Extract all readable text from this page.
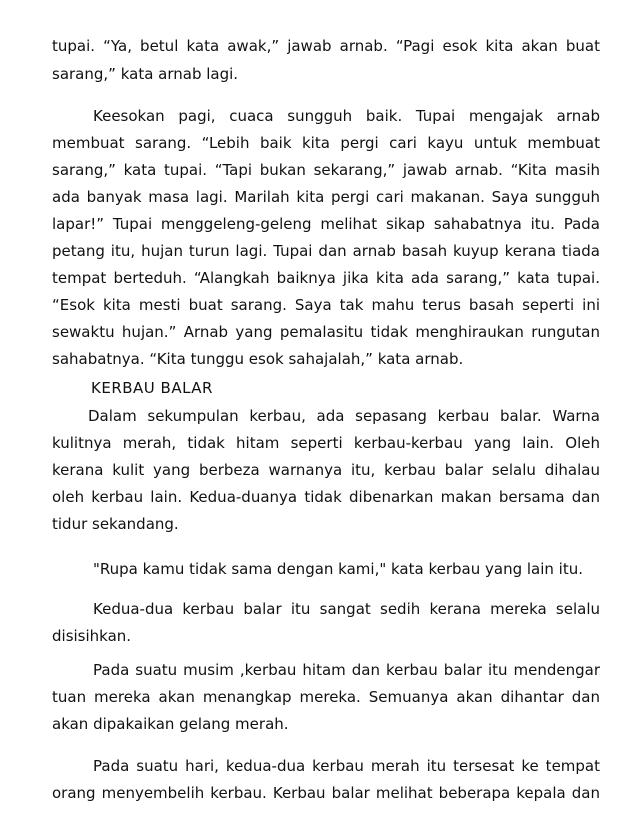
tupai. “Ya, betul kata awak,” jawab arnab. “Pagi esok kita akan buat
sarang,” kata arnab lagi.
Keesokan pagi, cuaca sungguh baik. Tupai mengajak arnab
membuat sarang. “Lebih baik kita pergi cari kayu untuk membuat
sarang,” kata tupai. “Tapi bukan sekarang,” jawab arnab. “Kita masih
ada banyak masa lagi. Marilah kita pergi cari makanan. Saya sungguh
lapar!” Tupai menggeleng-geleng melihat sikap sahabatnya itu. Pada
petang itu, hujan turun lagi. Tupai dan arnab basah kuyup kerana tiada
tempat berteduh. “Alangkah baiknya jika kita ada sarang,” kata tupai.
“Esok kita mesti buat sarang. Saya tak mahu terus basah seperti ini
sewaktu hujan.” Arnab yang pemalasitu tidak menghiraukan rungutan
sahabatnya. “Kita tunggu esok sahajalah,” kata arnab.
KERBAU BALAR
Dalam sekumpulan kerbau, ada sepasang kerbau balar. Warna
kulitnya merah, tidak hitam seperti kerbau-kerbau yang lain. Oleh
kerana kulit yang berbeza warnanya itu, kerbau balar selalu dihalau
oleh kerbau lain. Kedua-duanya tidak dibenarkan makan bersama dan
tidur sekandang.
"Rupa kamu tidak sama dengan kami," kata kerbau yang lain itu.
Kedua-dua kerbau balar itu sangat sedih kerana mereka selalu
disisihkan.
Pada suatu musim ,kerbau hitam dan kerbau balar itu mendengar
tuan mereka akan menangkap mereka. Semuanya akan dihantar dan
akan dipakaikan gelang merah.
Pada suatu hari, kedua-dua kerbau merah itu tersesat ke tempat
orang menyembelih kerbau. Kerbau balar melihat beberapa kepala dan
